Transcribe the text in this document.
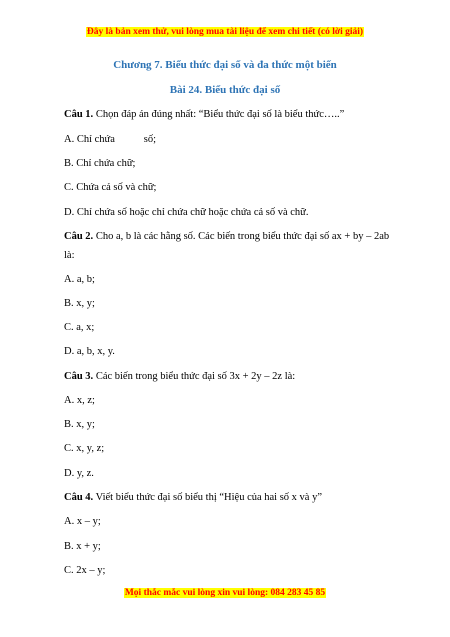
Đây là bản xem thử, vui lòng mua tài liệu để xem chi tiết (có lời giải)
Chương 7. Biểu thức đại số và đa thức một biến
Bài 24. Biểu thức đại số
Câu 1. Chọn đáp án đúng nhất: “Biểu thức đại số là biểu thức…..”
A. Chỉ chứa           số;
B. Chỉ chứa chữ;
C. Chứa cả số và chữ;
D. Chỉ chứa số hoặc chỉ chứa chữ hoặc chứa cả số và chữ.
Câu 2. Cho a, b là các hằng số. Các biến trong biểu thức đại số ax + by – 2ab
là:
A. a, b;
B. x, y;
C. a, x;
D. a, b, x, y.
Câu 3. Các biến trong biểu thức đại số 3x + 2y – 2z là:
A. x, z;
B. x, y;
C. x, y, z;
D. y, z.
Câu 4. Viết biểu thức đại số biểu thị “Hiệu của hai số x và y”
A. x – y;
B. x + y;
C. 2x – y;
Mọi thắc mắc vui lòng xin vui lòng: 084 283 45 85
